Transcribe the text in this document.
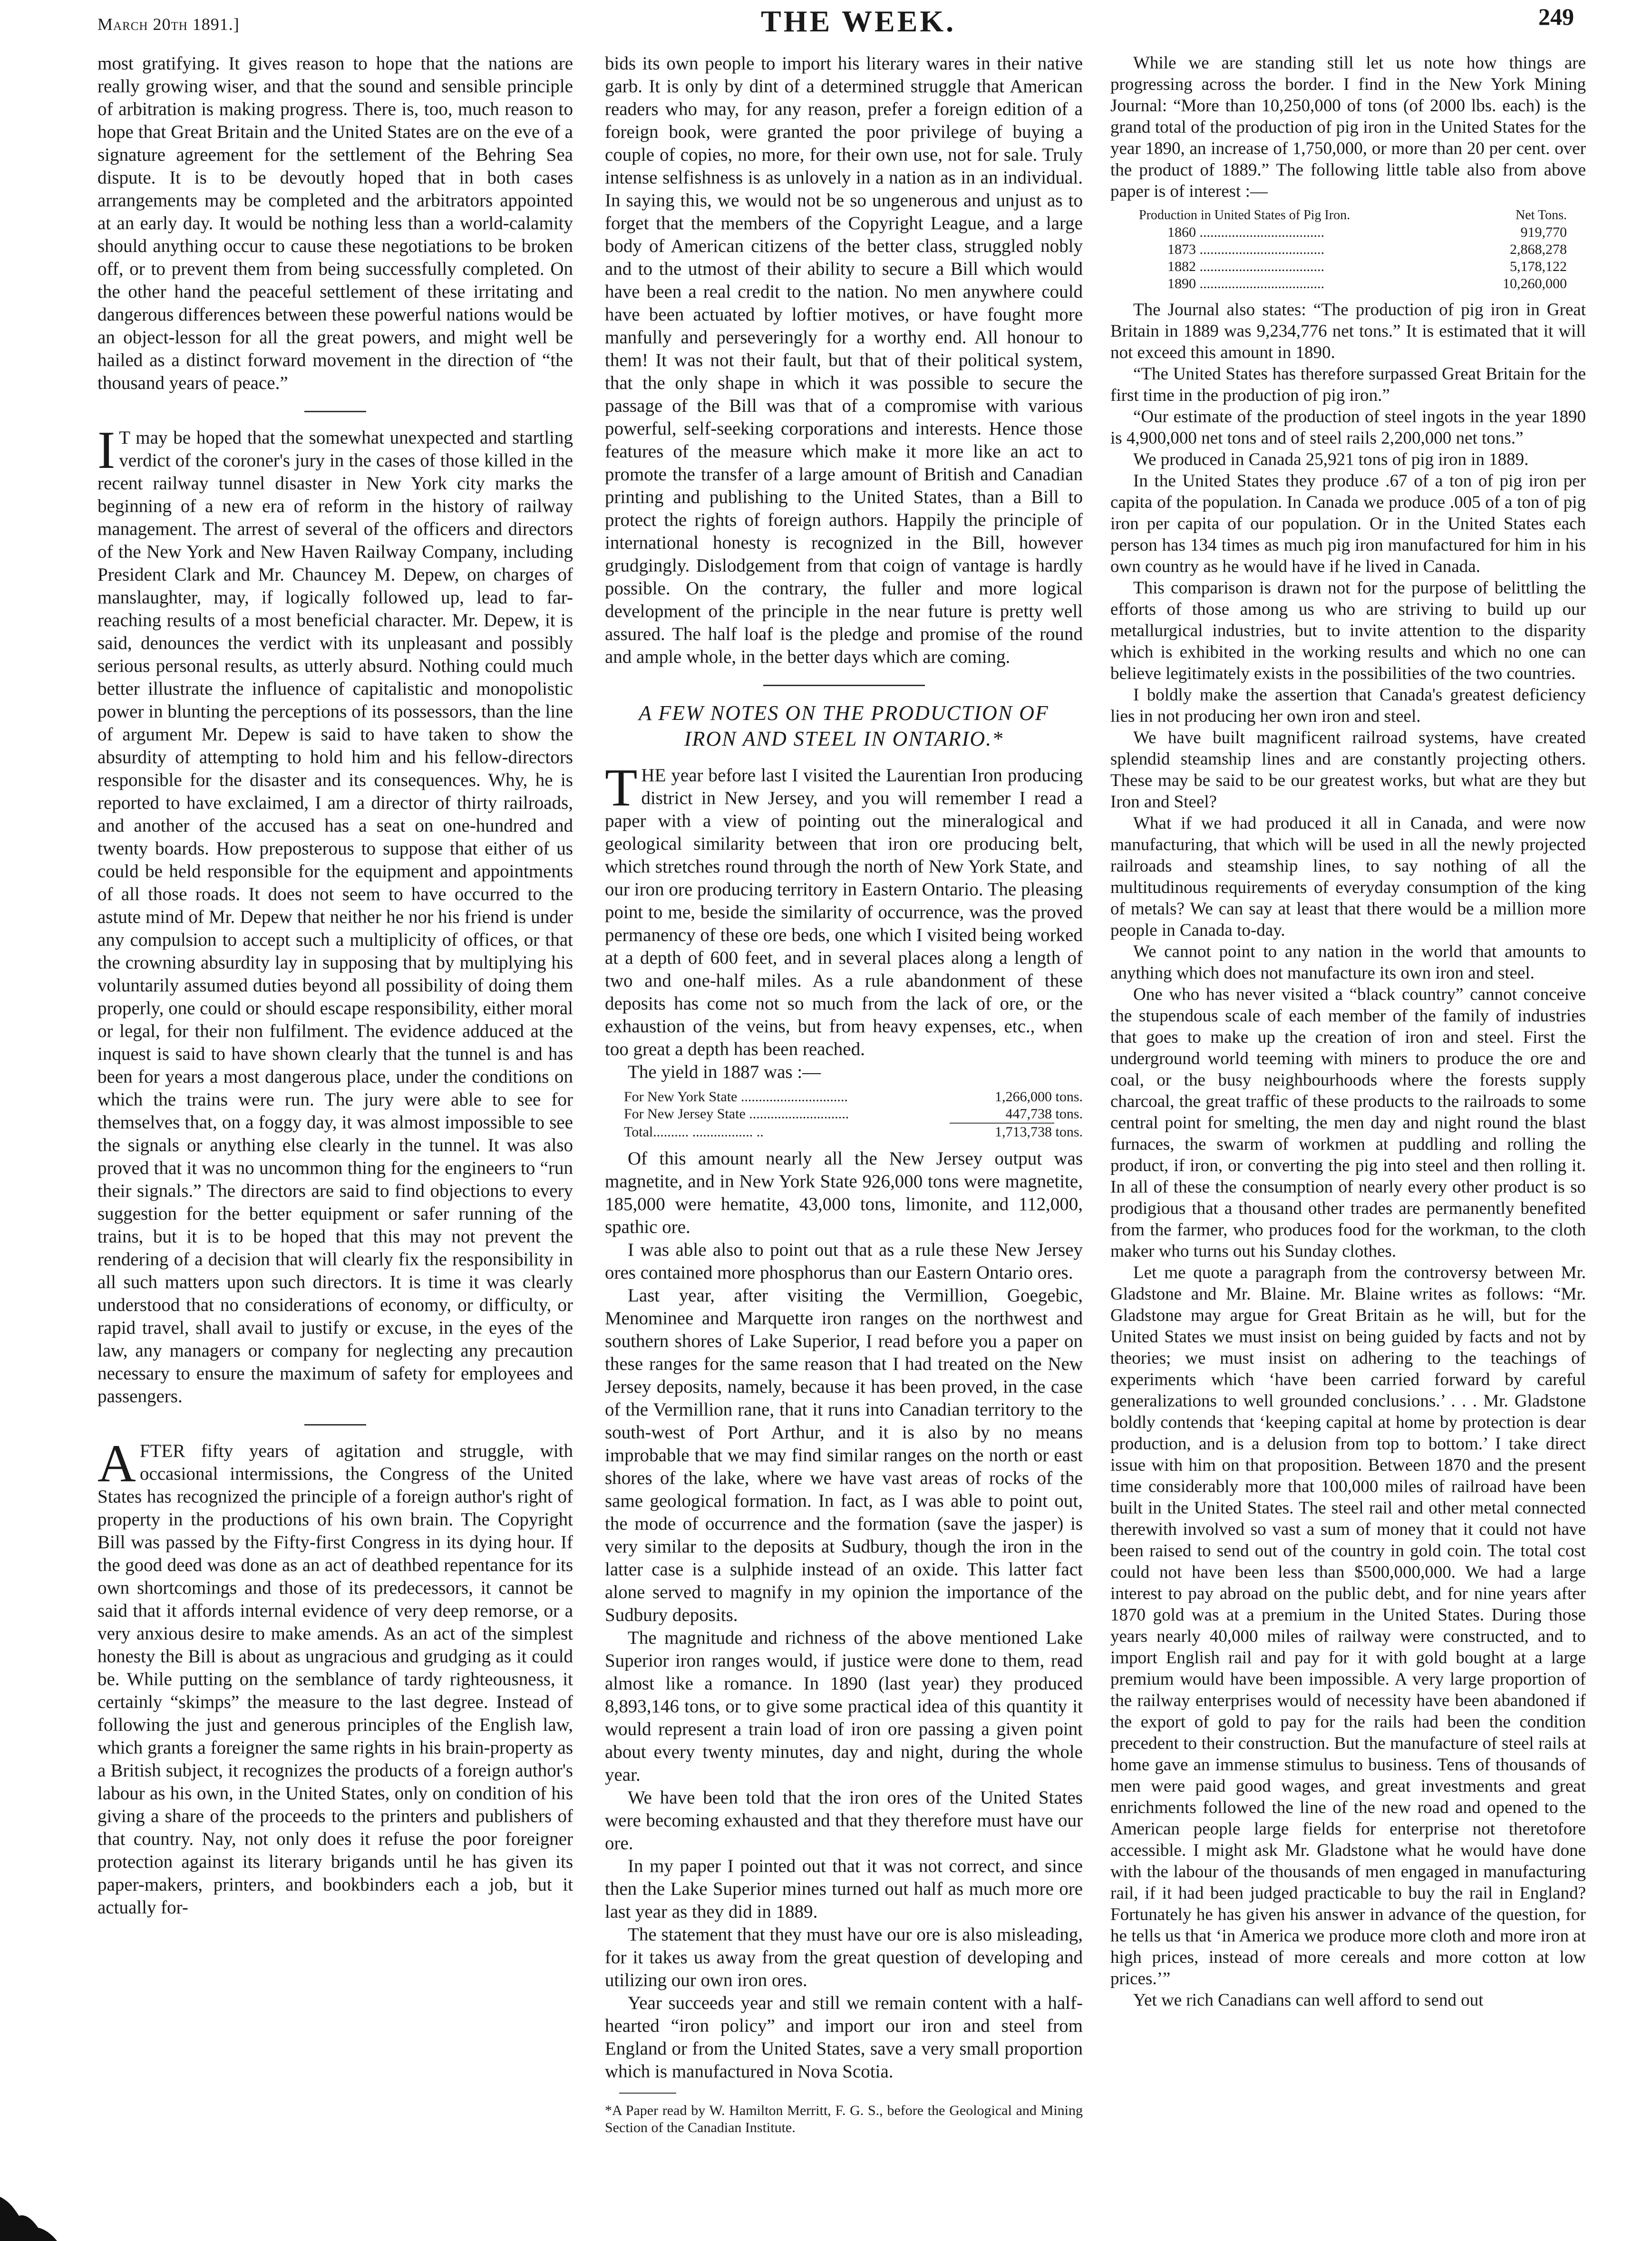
March 20th 1891.]	THE WEEK.	249

most gratifying. It gives reason to hope that the nations are really growing wiser, and that the sound and sensible principle of arbitration is making progress. There is, too, much reason to hope that Great Britain and the United States are on the eve of a signature agreement for the settlement of the Behring Sea dispute. It is to be devoutly hoped that in both cases arrangements may be completed and the arbitrators appointed at an early day. It would be nothing less than a world-calamity should anything occur to cause these negotiations to be broken off, or to prevent them from being successfully completed. On the other hand the peaceful settlement of these irritating and dangerous differences between these powerful nations would be an object-lesson for all the great powers, and might well be hailed as a distinct forward movement in the direction of “the thousand years of peace.”

I T may be hoped that the somewhat unexpected and startling verdict of the coroner's jury in the cases of those killed in the recent railway tunnel disaster in New York city marks the beginning of a new era of reform in the history of railway management. The arrest of several of the officers and directors of the New York and New Haven Railway Company, including President Clark and Mr. Chauncey M. Depew, on charges of manslaughter, may, if logically followed up, lead to far-reaching results of a most beneficial character. Mr. Depew, it is said, denounces the verdict with its unpleasant and possibly serious personal results, as utterly absurd. Nothing could much better illustrate the influence of capitalistic and monopolistic power in blunting the perceptions of its possessors, than the line of argument Mr. Depew is said to have taken to show the absurdity of attempting to hold him and his fellow-directors responsible for the disaster and its consequences. Why, he is reported to have exclaimed, I am a director of thirty railroads, and another of the accused has a seat on one-hundred and twenty boards. How preposterous to suppose that either of us could be held responsible for the equipment and appointments of all those roads. It does not seem to have occurred to the astute mind of Mr. Depew that neither he nor his friend is under any compulsion to accept such a multiplicity of offices, or that the crowning absurdity lay in supposing that by multiplying his voluntarily assumed duties beyond all possibility of doing them properly, one could or should escape responsibility, either moral or legal, for their non fulfilment. The evidence adduced at the inquest is said to have shown clearly that the tunnel is and has been for years a most dangerous place, under the conditions on which the trains were run. The jury were able to see for themselves that, on a foggy day, it was almost impossible to see the signals or anything else clearly in the tunnel. It was also proved that it was no uncommon thing for the engineers to “run their signals.” The directors are said to find objections to every suggestion for the better equipment or safer running of the trains, but it is to be hoped that this may not prevent the rendering of a decision that will clearly fix the responsibility in all such matters upon such directors. It is time it was clearly understood that no considerations of economy, or difficulty, or rapid travel, shall avail to justify or excuse, in the eyes of the law, any managers or company for neglecting any precaution necessary to ensure the maximum of safety for employees and passengers.

AFTER fifty years of agitation and struggle, with occasional intermissions, the Congress of the United States has recognized the principle of a foreign author's right of property in the productions of his own brain. The Copyright Bill was passed by the Fifty-first Congress in its dying hour. If the good deed was done as an act of deathbed repentance for its own shortcomings and those of its predecessors, it cannot be said that it affords internal evidence of very deep remorse, or a very anxious desire to make amends. As an act of the simplest honesty the Bill is about as ungracious and grudging as it could be. While putting on the semblance of tardy righteousness, it certainly “skimps” the measure to the last degree. Instead of following the just and generous principles of the English law, which grants a foreigner the same rights in his brain-property as a British subject, it recognizes the products of a foreign author's labour as his own, in the United States, only on condition of his giving a share of the proceeds to the printers and publishers of that country. Nay, not only does it refuse the poor foreigner protection against its literary brigands until he has given its paper-makers, printers, and bookbinders each a job, but it actually for-

bids its own people to import his literary wares in their native garb. It is only by dint of a determined struggle that American readers who may, for any reason, prefer a foreign edition of a foreign book, were granted the poor privilege of buying a couple of copies, no more, for their own use, not for sale. Truly intense selfishness is as unlovely in a nation as in an individual. In saying this, we would not be so ungenerous and unjust as to forget that the members of the Copyright League, and a large body of American citizens of the better class, struggled nobly and to the utmost of their ability to secure a Bill which would have been a real credit to the nation. No men anywhere could have been actuated by loftier motives, or have fought more manfully and perseveringly for a worthy end. All honour to them! It was not their fault, but that of their political system, that the only shape in which it was possible to secure the passage of the Bill was that of a compromise with various powerful, self-seeking corporations and interests. Hence those features of the measure which make it more like an act to promote the transfer of a large amount of British and Canadian printing and publishing to the United States, than a Bill to protect the rights of foreign authors. Happily the principle of international honesty is recognized in the Bill, however grudgingly. Dislodgement from that coign of vantage is hardly possible. On the contrary, the fuller and more logical development of the principle in the near future is pretty well assured. The half loaf is the pledge and promise of the round and ample whole, in the better days which are coming.

A FEW NOTES ON THE PRODUCTION OF
IRON AND STEEL IN ONTARIO.*

THE year before last I visited the Laurentian Iron producing district in New Jersey, and you will remember I read a paper with a view of pointing out the mineralogical and geological similarity between that iron ore producing belt, which stretches round through the north of New York State, and our iron ore producing territory in Eastern Ontario. The pleasing point to me, beside the similarity of occurrence, was the proved permanency of these ore beds, one which I visited being worked at a depth of 600 feet, and in several places along a length of two and one-half miles. As a rule abandonment of these deposits has come not so much from the lack of ore, or the exhaustion of the veins, but from heavy expenses, etc., when too great a depth has been reached.

The yield in 1887 was :—

For New York State ..............................	1,266,000 tons.
For New Jersey State ............................	447,738 tons.
Total.......... ................. ..	1,713,738 tons.

Of this amount nearly all the New Jersey output was magnetite, and in New York State 926,000 tons were magnetite, 185,000 were hematite, 43,000 tons, limonite, and 112,000, spathic ore.

I was able also to point out that as a rule these New Jersey ores contained more phosphorus than our Eastern Ontario ores.

Last year, after visiting the Vermillion, Goegebic, Menominee and Marquette iron ranges on the northwest and southern shores of Lake Superior, I read before you a paper on these ranges for the same reason that I had treated on the New Jersey deposits, namely, because it has been proved, in the case of the Vermillion rane, that it runs into Canadian territory to the south-west of Port Arthur, and it is also by no means improbable that we may find similar ranges on the north or east shores of the lake, where we have vast areas of rocks of the same geological formation. In fact, as I was able to point out, the mode of occurrence and the formation (save the jasper) is very similar to the deposits at Sudbury, though the iron in the latter case is a sulphide instead of an oxide. This latter fact alone served to magnify in my opinion the importance of the Sudbury deposits.

The magnitude and richness of the above mentioned Lake Superior iron ranges would, if justice were done to them, read almost like a romance. In 1890 (last year) they produced 8,893,146 tons, or to give some practical idea of this quantity it would represent a train load of iron ore passing a given point about every twenty minutes, day and night, during the whole year.

We have been told that the iron ores of the United States were becoming exhausted and that they therefore must have our ore.

In my paper I pointed out that it was not correct, and since then the Lake Superior mines turned out half as much more ore last year as they did in 1889.

The statement that they must have our ore is also misleading, for it takes us away from the great question of developing and utilizing our own iron ores.

Year succeeds year and still we remain content with a half-hearted “iron policy” and import our iron and steel from England or from the United States, save a very small proportion which is manufactured in Nova Scotia.

*A Paper read by W. Hamilton Merritt, F. G. S., before the Geological and Mining Section of the Canadian Institute.

While we are standing still let us note how things are progressing across the border. I find in the New York Mining Journal: “More than 10,250,000 of tons (of 2000 lbs. each) is the grand total of the production of pig iron in the United States for the year 1890, an increase of 1,750,000, or more than 20 per cent. over the product of 1889.” The following little table also from above paper is of interest :—

Production in United States of Pig Iron.	Net Tons.
1860 ...................................	919,770
1873 ...................................	2,868,278
1882 ...................................	5,178,122
1890 ...................................	10,260,000

The Journal also states: “The production of pig iron in Great Britain in 1889 was 9,234,776 net tons.” It is estimated that it will not exceed this amount in 1890.

“The United States has therefore surpassed Great Britain for the first time in the production of pig iron.”

“Our estimate of the production of steel ingots in the year 1890 is 4,900,000 net tons and of steel rails 2,200,000 net tons.”

We produced in Canada 25,921 tons of pig iron in 1889.

In the United States they produce .67 of a ton of pig iron per capita of the population. In Canada we produce .005 of a ton of pig iron per capita of our population. Or in the United States each person has 134 times as much pig iron manufactured for him in his own country as he would have if he lived in Canada.

This comparison is drawn not for the purpose of belittling the efforts of those among us who are striving to build up our metallurgical industries, but to invite attention to the disparity which is exhibited in the working results and which no one can believe legitimately exists in the possibilities of the two countries.

I boldly make the assertion that Canada's greatest deficiency lies in not producing her own iron and steel.

We have built magnificent railroad systems, have created splendid steamship lines and are constantly projecting others. These may be said to be our greatest works, but what are they but Iron and Steel?

What if we had produced it all in Canada, and were now manufacturing, that which will be used in all the newly projected railroads and steamship lines, to say nothing of all the multitudinous requirements of everyday consumption of the king of metals? We can say at least that there would be a million more people in Canada to-day.

We cannot point to any nation in the world that amounts to anything which does not manufacture its own iron and steel.

One who has never visited a “black country” cannot conceive the stupendous scale of each member of the family of industries that goes to make up the creation of iron and steel. First the underground world teeming with miners to produce the ore and coal, or the busy neighbourhoods where the forests supply charcoal, the great traffic of these products to the railroads to some central point for smelting, the men day and night round the blast furnaces, the swarm of workmen at puddling and rolling the product, if iron, or converting the pig into steel and then rolling it. In all of these the consumption of nearly every other product is so prodigious that a thousand other trades are permanently benefited from the farmer, who produces food for the workman, to the cloth maker who turns out his Sunday clothes.

Let me quote a paragraph from the controversy between Mr. Gladstone and Mr. Blaine. Mr. Blaine writes as follows: “Mr. Gladstone may argue for Great Britain as he will, but for the United States we must insist on being guided by facts and not by theories; we must insist on adhering to the teachings of experiments which ‘have been carried forward by careful generalizations to well grounded conclusions.’ . . . Mr. Gladstone boldly contends that ‘keeping capital at home by protection is dear production, and is a delusion from top to bottom.’ I take direct issue with him on that proposition. Between 1870 and the present time considerably more that 100,000 miles of railroad have been built in the United States. The steel rail and other metal connected therewith involved so vast a sum of money that it could not have been raised to send out of the country in gold coin. The total cost could not have been less than $500,000,000. We had a large interest to pay abroad on the public debt, and for nine years after 1870 gold was at a premium in the United States. During those years nearly 40,000 miles of railway were constructed, and to import English rail and pay for it with gold bought at a large premium would have been impossible. A very large proportion of the railway enterprises would of necessity have been abandoned if the export of gold to pay for the rails had been the condition precedent to their construction. But the manufacture of steel rails at home gave an immense stimulus to business. Tens of thousands of men were paid good wages, and great investments and great enrichments followed the line of the new road and opened to the American people large fields for enterprise not theretofore accessible. I might ask Mr. Gladstone what he would have done with the labour of the thousands of men engaged in manufacturing rail, if it had been judged practicable to buy the rail in England? Fortunately he has given his answer in advance of the question, for he tells us that ‘in America we produce more cloth and more iron at high prices, instead of more cereals and more cotton at low prices.’”

Yet we rich Canadians can well afford to send out
